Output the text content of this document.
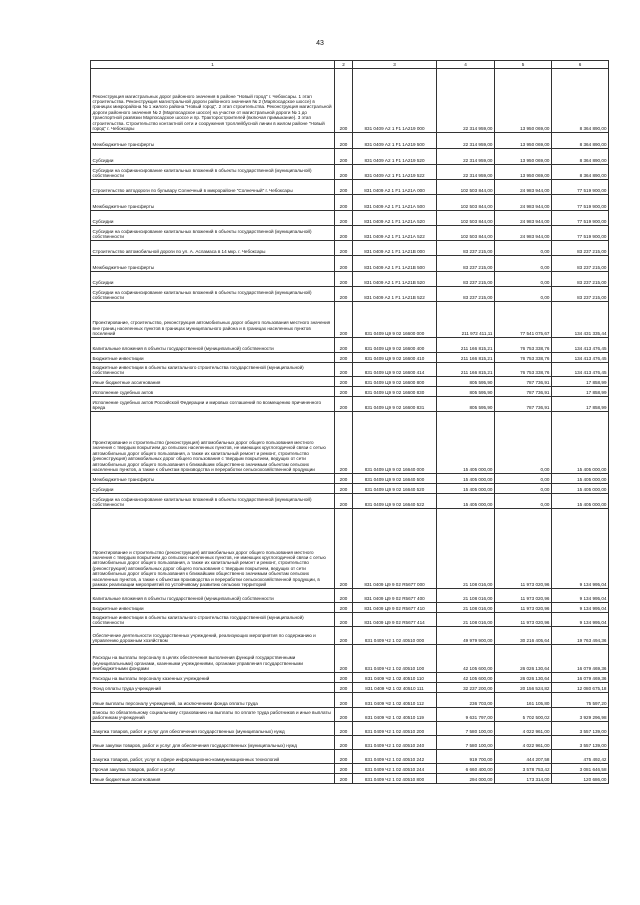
43
1	2	3	4	5	6
Реконструкция магистральных дорог районного значения в районе "Новый город" г. Чебоксары. 1 этап строительства. Реконструкция магистральной дороги районного значения № 2 (Марпосадское шоссе) в границах микрорайона № 1 жилого района "Новый город". 2 этап строительства. Реконструкция магистральной дороги районного значения № 2 (Марпосадское шоссе) на участке от магистральной дороги № 1 до транспортной развязки Марпосадское шоссе и пр. Тракторостроителей (включая примыкание). 3 этап строительства. Строительство контактной сети и сооружения троллейбусной линии в жилом районе "Новый город" г. Чебоксары	200	831 0409 А2 1 F1 1А219 000	22 314 959,00	13 950 069,00	8 364 890,00
Межбюджетные трансферты	200	831 0409 А2 1 F1 1А219 500	22 314 959,00	13 950 069,00	8 364 890,00
Субсидии	200	831 0409 А2 1 F1 1А219 520	22 314 959,00	13 950 069,00	8 364 890,00
Субсидии на софинансирование капитальных вложений в объекты государственной (муниципальной) собственности	200	831 0409 А2 1 F1 1А219 522	22 314 959,00	13 950 069,00	8 364 890,00
Строительство автодороги по бульвару Солнечный в микрорайоне "Солнечный" г. Чебоксары	200	831 0409 А2 1 F1 1А21А 000	102 503 844,00	24 983 944,00	77 519 900,00
Межбюджетные трансферты	200	831 0409 А2 1 F1 1А21А 500	102 503 844,00	24 983 944,00	77 519 900,00
Субсидии	200	831 0409 А2 1 F1 1А21А 520	102 503 844,00	24 983 944,00	77 519 900,00
Субсидии на софинансирование капитальных вложений в объекты государственной (муниципальной) собственности	200	831 0409 А2 1 F1 1А21А 522	102 503 844,00	24 983 944,00	77 519 900,00
Строительство автомобильной дороги по ул. А. Асламаса в 14 мкр. г. Чебоксары	200	831 0409 А2 1 F1 1А21В 000	83 237 215,00	0,00	83 237 215,00
Межбюджетные трансферты	200	831 0409 А2 1 F1 1А21В 500	83 237 215,00	0,00	83 237 215,00
Субсидии	200	831 0409 А2 1 F1 1А21В 520	83 237 215,00	0,00	83 237 215,00
Субсидии на софинансирование капитальных вложений в объекты государственной (муниципальной) собственности	200	831 0409 А2 1 F1 1А21В 522	83 237 215,00	0,00	83 237 215,00
Проектирование, строительство, реконструкция автомобильных дорог общего пользования местного значения вне границ населенных пунктов в границах муниципального района и в границах населенных пунктов поселений	200	831 0409 Ц9 9 02 16600 000	211 972 411,11	77 541 075,67	134 431 335,44
Капитальные вложения в объекты государственной (муниципальной) собственности	200	831 0409 Ц9 9 02 16600 400	211 166 815,21	76 753 338,76	134 413 476,45
Бюджетные инвестиции	200	831 0409 Ц9 9 02 16600 410	211 166 815,21	76 753 338,76	134 413 476,45
Бюджетные инвестиции в объекты капитального строительства государственной (муниципальной) собственности	200	831 0409 Ц9 9 02 16600 414	211 166 815,21	76 753 338,76	134 413 476,45
Иные бюджетные ассигнования	200	831 0409 Ц9 9 02 16600 800	805 595,90	787 736,91	17 858,99
Исполнение судебных актов	200	831 0409 Ц9 9 02 16600 830	805 595,90	787 736,91	17 858,99
Исполнение судебных актов Российской Федерации и мировых соглашений по возмещению причиненного вреда	200	831 0409 Ц9 9 02 16600 831	805 595,90	787 736,91	17 858,99
Проектирование и строительство (реконструкция) автомобильных дорог общего пользования местного значения с твердым покрытием до сельских населенных пунктов, не имеющих круглогодичной связи с сетью автомобильных дорог общего пользования, а также их капитальный ремонт и ремонт, строительство (реконструкция) автомобильных дорог общего пользования с твердым покрытием, ведущих от сети автомобильных дорог общего пользования к ближайшим общественно значимым объектам сельских населенных пунктов, а также к объектам производства и переработки сельскохозяйственной продукции	200	831 0409 Ц9 9 02 16640 000	15 405 000,00	0,00	15 405 000,00
Межбюджетные трансферты	200	831 0409 Ц9 9 02 16640 500	15 405 000,00	0,00	15 405 000,00
Субсидии	200	831 0409 Ц9 9 02 16640 520	15 405 000,00	0,00	15 405 000,00
Субсидии на софинансирование капитальных вложений в объекты государственной (муниципальной) собственности	200	831 0409 Ц9 9 02 16640 522	15 405 000,00	0,00	15 405 000,00
Проектирование и строительство (реконструкция) автомобильных дорог общего пользования местного значения с твердым покрытием до сельских населенных пунктов, не имеющих круглогодичной связи с сетью автомобильных дорог общего пользования, а также их капитальный ремонт и ремонт, строительство (реконструкция) автомобильных дорог общего пользования с твердым покрытием, ведущих от сети автомобильных дорог общего пользования к ближайшим общественно значимым объектам сельских населенных пунктов, а также к объектам производства и переработки сельскохозяйственной продукции, в рамках реализации мероприятий по устойчивому развитию сельских территорий	200	831 0409 Ц9 9 02 R5677 000	21 108 016,00	11 973 020,96	9 134 995,04
Капитальные вложения в объекты государственной (муниципальной) собственности	200	831 0409 Ц9 9 02 R5677 400	21 108 016,00	11 973 020,96	9 134 995,04
Бюджетные инвестиции	200	831 0409 Ц9 9 02 R5677 410	21 108 016,00	11 973 020,96	9 134 995,04
Бюджетные инвестиции в объекты капитального строительства государственной (муниципальной) собственности	200	831 0409 Ц9 9 02 R5677 414	21 108 016,00	11 973 020,96	9 134 995,04
Обеспечение деятельности государственных учреждений, реализующих мероприятия по содержанию и управлению дорожным хозяйством	200	831 0409 Ч2 1 02 40510 000	49 979 900,00	30 216 405,64	19 763 494,36
Расходы на выплаты персоналу в целях обеспечения выполнения функций государственными (муниципальными) органами, казенными учреждениями, органами управления государственными внебюджетными фондами	200	831 0409 Ч2 1 02 40510 100	42 105 600,00	26 026 130,64	16 079 469,36
Расходы на выплаты персоналу казенных учреждений	200	831 0409 Ч2 1 02 40510 110	42 105 600,00	26 026 130,64	16 079 469,36
Фонд оплаты труда учреждений	200	831 0409 Ч2 1 02 40510 111	32 237 200,00	20 156 524,82	12 080 675,18
Иные выплаты персоналу учреждений, за исключением фонда оплаты труда	200	831 0409 Ч2 1 02 40510 112	236 703,00	161 105,80	75 597,20
Взносы по обязательному социальному страхованию на выплаты по оплате труда работников и иные выплаты работникам учреждений	200	831 0409 Ч2 1 02 40510 119	9 631 797,00	5 702 500,02	3 929 296,98
Закупка товаров, работ и услуг для обеспечения государственных (муниципальных) нужд	200	831 0409 Ч2 1 02 40510 200	7 580 100,00	4 022 961,00	3 557 139,00
Иные закупки товаров, работ и услуг для обеспечения государственных (муниципальных) нужд	200	831 0409 Ч2 1 02 40510 240	7 580 100,00	4 022 961,00	3 557 139,00
Закупка товаров, работ, услуг в сфере информационно-коммуникационных технологий	200	831 0409 Ч2 1 02 40510 242	919 700,00	444 207,58	475 492,42
Прочая закупка товаров, работ и услуг	200	831 0409 Ч2 1 02 40510 244	6 660 400,00	3 578 753,42	3 081 646,58
Иные бюджетные ассигнования	200	831 0409 Ч2 1 02 40510 800	294 000,00	173 314,00	120 686,00
